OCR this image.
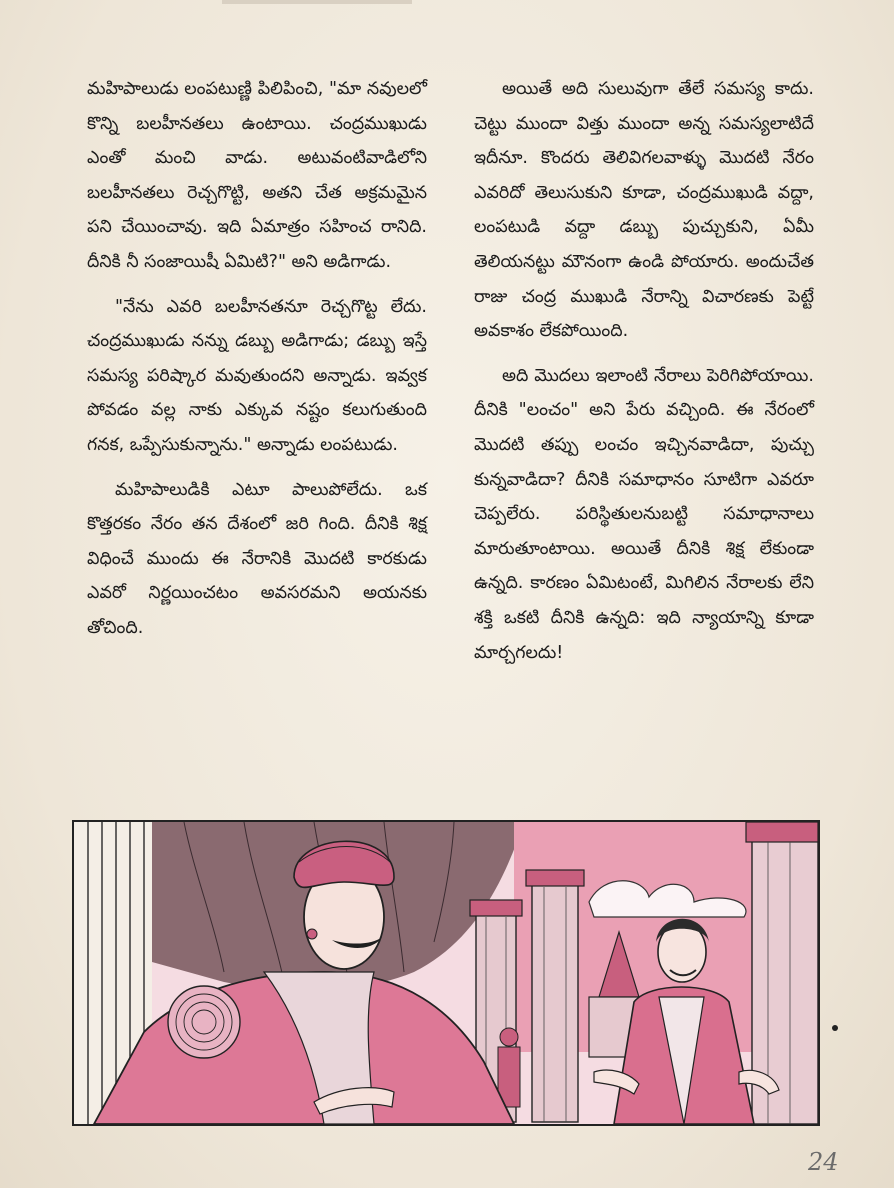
మహిపాలుడు లంపటుణ్ణి పిలిపించి, "మా నవులలో కొన్ని బలహీనతలు ఉంటాయి. చంద్రముఖుడు ఎంతో మంచి వాడు. అటువంటివాడిలోని బలహీనతలు రెచ్చగొట్టి, అతని చేత అక్రమమైన పని చేయించావు. ఇది ఏమాత్రం సహించ రానిది. దీనికి నీ సంజాయిషీ ఏమిటి?" అని అడిగాడు.

"నేను ఎవరి బలహీనతనూ రెచ్చగొట్ట లేదు. చంద్రముఖుడు నన్ను డబ్బు అడిగాడు; డబ్బు ఇస్తే సమస్య పరిష్కార మవుతుందని అన్నాడు. ఇవ్వక పోవడం వల్ల నాకు ఎక్కువ నష్టం కలుగుతుంది గనక, ఒప్పేసుకున్నాను." అన్నాడు లంపటుడు.

మహిపాలుడికి ఎటూ పాలుపోలేదు. ఒక కొత్తరకం నేరం తన దేశంలో జరి గింది. దీనికి శిక్ష విధించే ముందు ఈ నేరానికి మొదటి కారకుడు ఎవరో నిర్ణయించటం అవసరమని అయనకు తోచింది.

అయితే అది సులువుగా తేలే సమస్య కాదు. చెట్టు ముందా విత్తు ముందా అన్న సమస్యలాటిదే ఇదీనూ. కొందరు తెలివిగలవాళ్ళు మొదటి నేరం ఎవరిదో తెలుసుకుని కూడా, చంద్రముఖుడి వద్దా, లంపటుడి వద్దా డబ్బు పుచ్చుకుని, ఏమీ తెలియనట్టు మౌనంగా ఉండి పోయారు. అందుచేత రాజు చంద్ర ముఖుడి నేరాన్ని విచారణకు పెట్టే అవకాశం లేకపోయింది.

అది మొదలు ఇలాంటి నేరాలు పెరిగిపోయాయి. దీనికి "లంచం" అని పేరు వచ్చింది. ఈ నేరంలో మొదటి తప్పు లంచం ఇచ్చినవాడిదా, పుచ్చు కున్నవాడిదా? దీనికి సమాధానం సూటిగా ఎవరూ చెప్పలేరు. పరిస్థితులనుబట్టి సమాధానాలు మారుతూంటాయి. అయితే దీనికి శిక్ష లేకుండా ఉన్నది. కారణం ఏమిటంటే, మిగిలిన నేరాలకు లేని శక్తి ఒకటి దీనికి ఉన్నది: ఇది న్యాయాన్ని కూడా మార్చగలదు!

24
